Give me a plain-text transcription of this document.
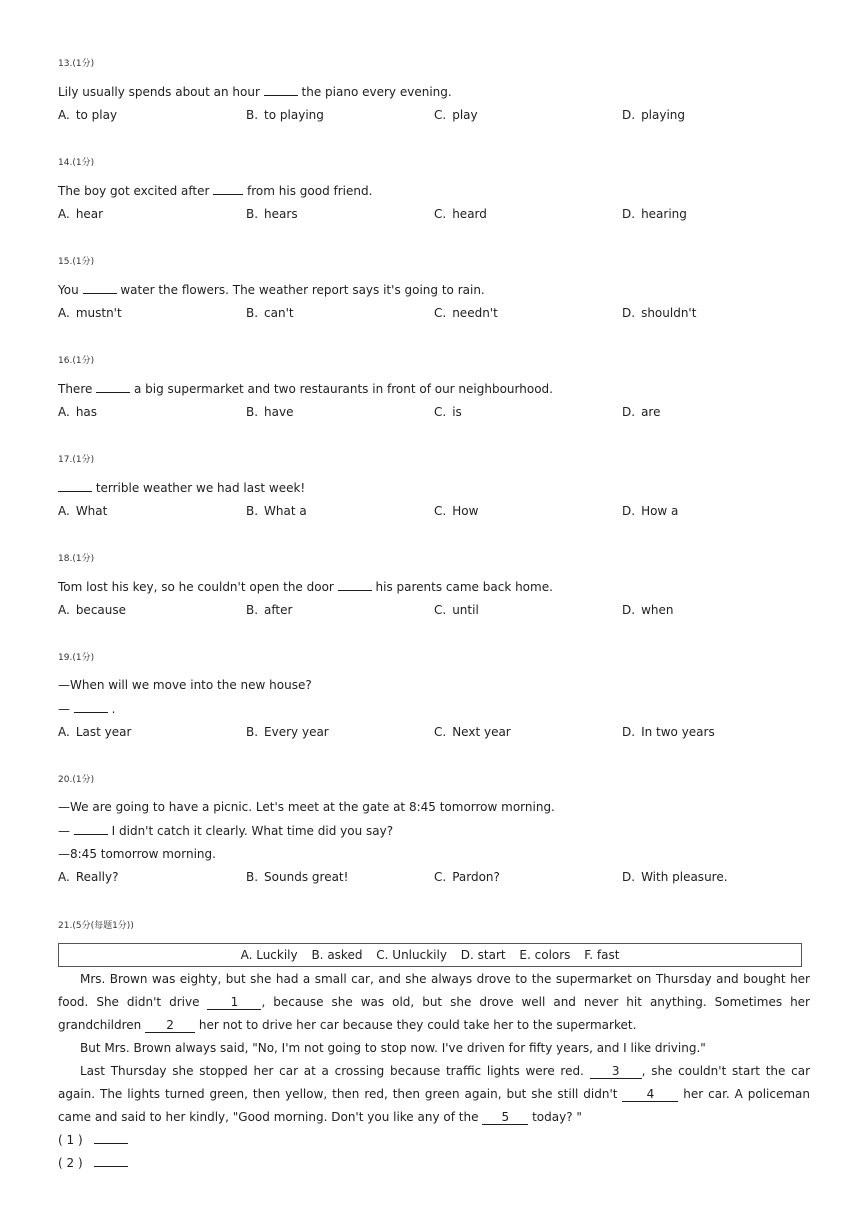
13.(1分)
Lily usually spends about an hour	the piano every evening.
A. to play	B. to playing	C. play	D. playing
14.(1分)
The boy got excited after	from his good friend.
A. hear	B. hears	C. heard	D. hearing
15.(1分)
You	water the flowers. The weather report says it's going to rain.
A. mustn't	B. can't	C. needn't	D. shouldn't
16.(1分)
There	a big supermarket and two restaurants in front of our neighbourhood.
A. has	B. have	C. is	D. are
17.(1分)
terrible weather we had last week!
A. What	B. What a	C. How	D. How a
18.(1分)
Tom lost his key, so he couldn't open the door	his parents came back home.
A. because	B. after	C. until	D. when
19.(1分)
—When will we move into the new house?
—	.
A. Last year	B. Every year	C. Next year	D. In two years
20.(1分)
—We are going to have a picnic. Let's meet at the gate at 8:45 tomorrow morning.
—	I didn't catch it clearly. What time did you say?
—8:45 tomorrow morning.
A. Really?	B. Sounds great!	C. Pardon?	D. With pleasure.
21.(5分(每题1分))
A. Luckily B. asked C. Unluckily D. start E. colors F. fast

Mrs. Brown was eighty, but she had a small car, and she always drove to the supermarket on Thursday and bought her food. She didn't drive 1 , because she was old, but she drove well and never hit anything. Sometimes her grandchildren 2 her not to drive her car because they could take her to the supermarket.

But Mrs. Brown always said, "No, I'm not going to stop now. I've driven for fifty years, and I like driving."

Last Thursday she stopped her car at a crossing because traffic lights were red. 3 , she couldn't start the car again. The lights turned green, then yellow, then red, then green again, but she still didn't 4 her car. A policeman came and said to her kindly, "Good morning. Don't you like any of the 5 today? "

( 1 )
( 2 )
